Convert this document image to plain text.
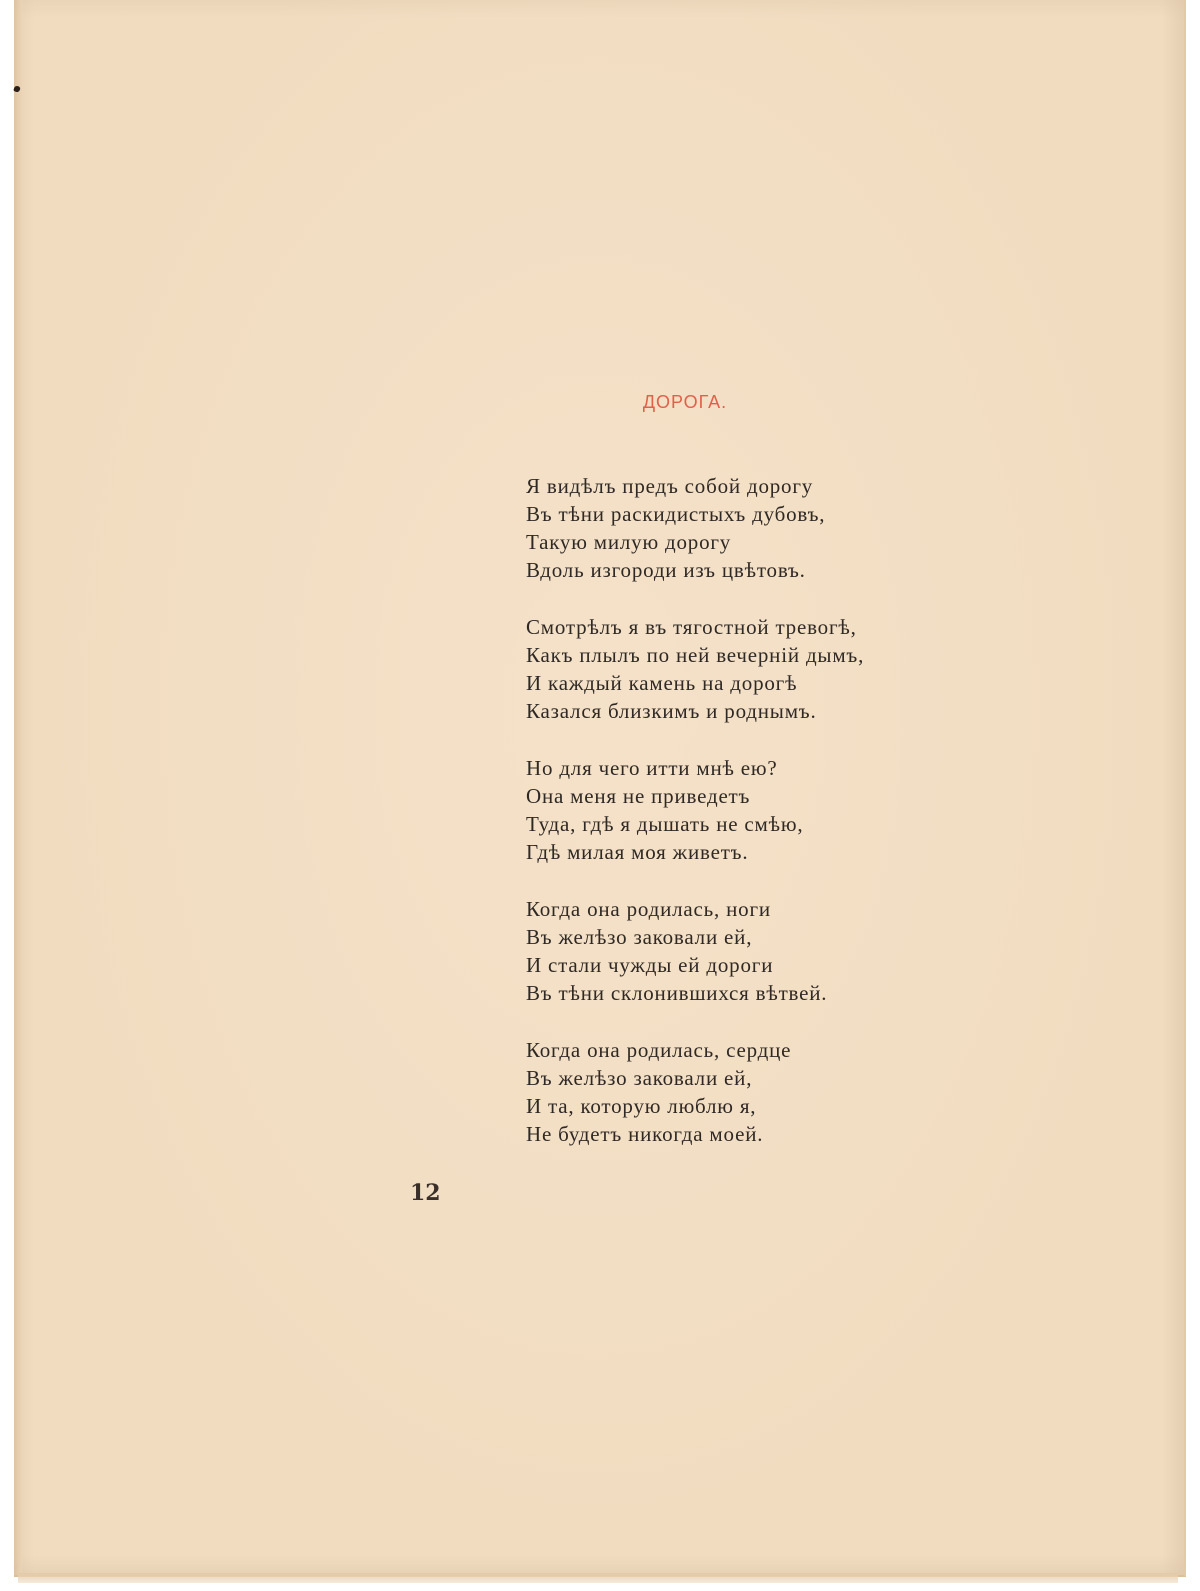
ДОРОГА.
Я видѣлъ предъ собой дорогу
Въ тѣни раскидистыхъ дубовъ,
Такую милую дорогу
Вдоль изгороди изъ цвѣтовъ.
Смотрѣлъ я въ тягостной тревогѣ,
Какъ плылъ по ней вечерній дымъ,
И каждый камень на дорогѣ
Казался близкимъ и роднымъ.
Но для чего итти мнѣ ею?
Она меня не приведетъ
Туда, гдѣ я дышать не смѣю,
Гдѣ милая моя живетъ.
Когда она родилась, ноги
Въ желѣзо заковали ей,
И стали чужды ей дороги
Въ тѣни склонившихся вѣтвей.
Когда она родилась, сердце
Въ желѣзо заковали ей,
И та, которую люблю я,
Не будетъ никогда моей.
12
